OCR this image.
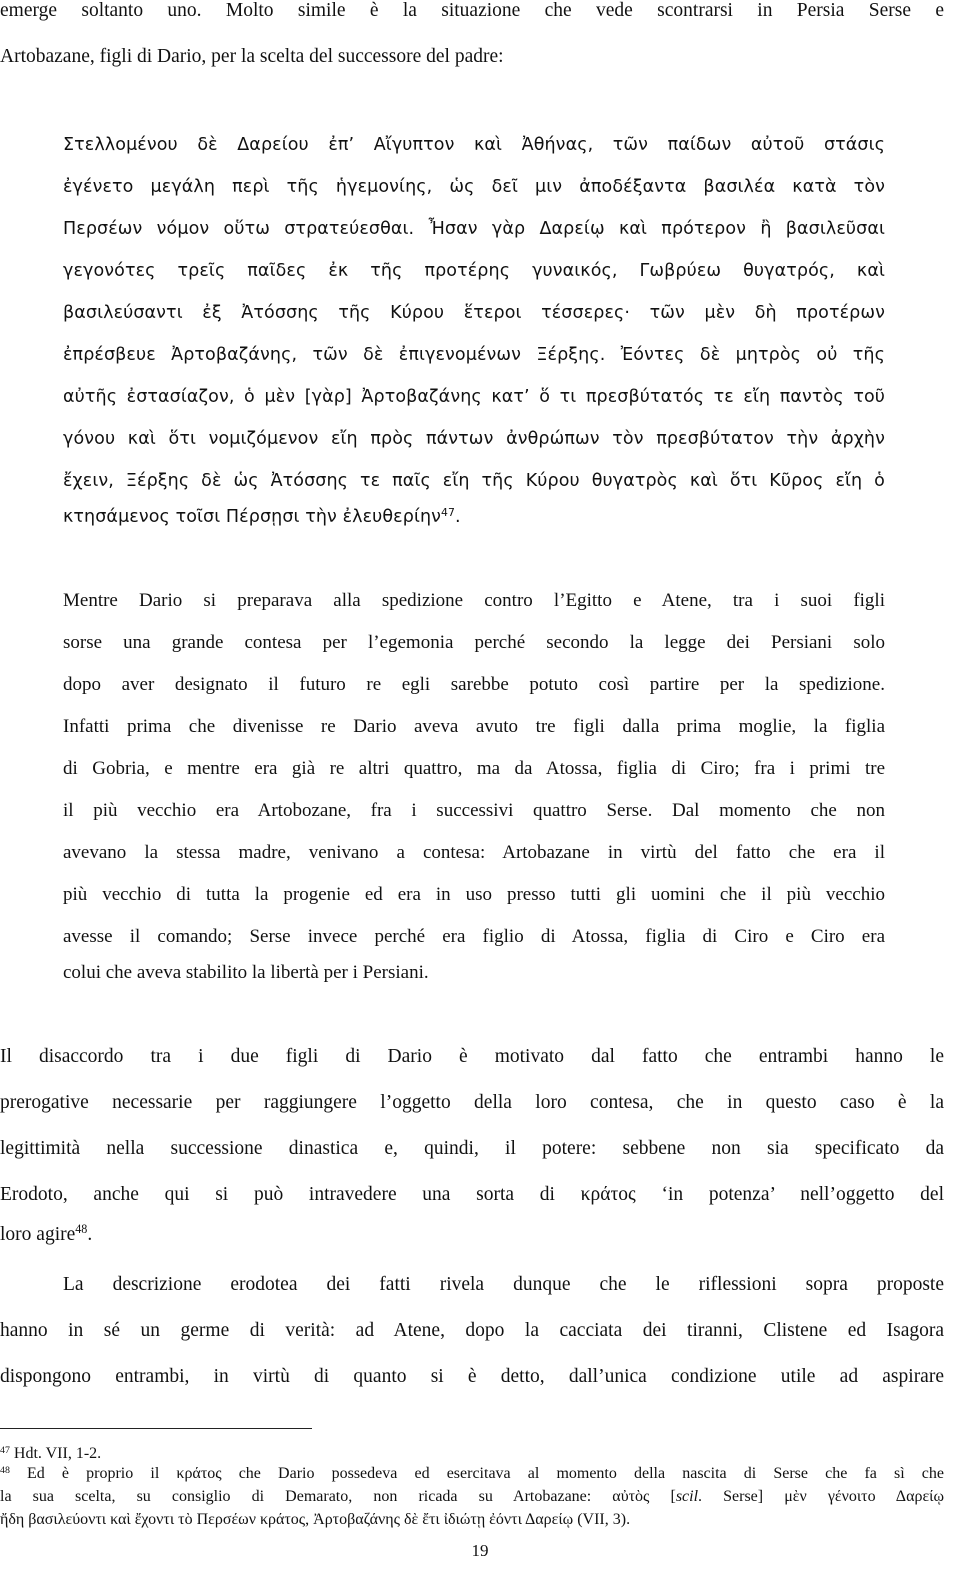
emerge soltanto uno. Molto simile è la situazione che vede scontrarsi in Persia Serse e
Artobazane, figli di Dario, per la scelta del successore del padre:
Στελλομένου δὲ Δαρείου ἐπ’ Αἴγυπτον καὶ Ἀθήνας, τῶν παίδων αὐτοῦ στάσις
ἐγένετο μεγάλη περὶ τῆς ἡγεμονίης, ὡς δεῖ μιν ἀποδέξαντα βασιλέα κατὰ τὸν
Περσέων νόμον οὕτω στρατεύεσθαι. Ἦσαν γὰρ Δαρείῳ καὶ πρότερον ἢ βασιλεῦσαι
γεγονότες τρεῖς παῖδες ἐκ τῆς προτέρης γυναικός, Γωβρύεω θυγατρός, καὶ
βασιλεύσαντι ἐξ Ἀτόσσης τῆς Κύρου ἕτεροι τέσσερες· τῶν μὲν δὴ προτέρων
ἐπρέσβευε Ἀρτοβαζάνης, τῶν δὲ ἐπιγενομένων Ξέρξης. Ἐόντες δὲ μητρὸς οὐ τῆς
αὐτῆς ἐστασίαζον, ὁ μὲν [γὰρ] Ἀρτοβαζάνης κατ’ ὅ τι πρεσβύτατός τε εἴη παντὸς τοῦ
γόνου καὶ ὅτι νομιζόμενον εἴη πρὸς πάντων ἀνθρώπων τὸν πρεσβύτατον τὴν ἀρχὴν
ἔχειν, Ξέρξης δὲ ὡς Ἀτόσσης τε παῖς εἴη τῆς Κύρου θυγατρὸς καὶ ὅτι Κῦρος εἴη ὁ
κτησάμενος τοῖσι Πέρσῃσι τὴν ἐλευθερίην$^{47}$.
Mentre Dario si preparava alla spedizione contro l’Egitto e Atene, tra i suoi figli
sorse una grande contesa per l’egemonia perché secondo la legge dei Persiani solo
dopo aver designato il futuro re egli sarebbe potuto così partire per la spedizione.
Infatti prima che divenisse re Dario aveva avuto tre figli dalla prima moglie, la figlia
di Gobria, e mentre era già re altri quattro, ma da Atossa, figlia di Ciro; fra i primi tre
il più vecchio era Artobozane, fra i successivi quattro Serse. Dal momento che non
avevano la stessa madre, venivano a contesa: Artobazane in virtù del fatto che era il
più vecchio di tutta la progenie ed era in uso presso tutti gli uomini che il più vecchio
avesse il comando; Serse invece perché era figlio di Atossa, figlia di Ciro e Ciro era
colui che aveva stabilito la libertà per i Persiani.
Il disaccordo tra i due figli di Dario è motivato dal fatto che entrambi hanno le
prerogative necessarie per raggiungere l’oggetto della loro contesa, che in questo caso è la
legittimità nella successione dinastica e, quindi, il potere: sebbene non sia specificato da
Erodoto, anche qui si può intravedere una sorta di κράτος ‘in potenza’ nell’oggetto del
loro agire$^{48}$.
La descrizione erodotea dei fatti rivela dunque che le riflessioni sopra proposte
hanno in sé un germe di verità: ad Atene, dopo la cacciata dei tiranni, Clistene ed Isagora
dispongono entrambi, in virtù di quanto si è detto, dall’unica condizione utile ad aspirare
$^{47}$ Hdt. VII, 1-2.
$^{48}$ Ed è proprio il κράτος che Dario possedeva ed esercitava al momento della nascita di Serse che fa sì che
la sua scelta, su consiglio di Demarato, non ricada su Artobazane: αὐτὸς [scil. Serse] μὲν γένοιτο Δαρείῳ
ἤδη βασιλεύοντι καὶ ἔχοντι τὸ Περσέων κράτος, Ἀρτοβαζάνης δὲ ἔτι ἰδιώτῃ ἐόντι Δαρείῳ (VII, 3).
19
